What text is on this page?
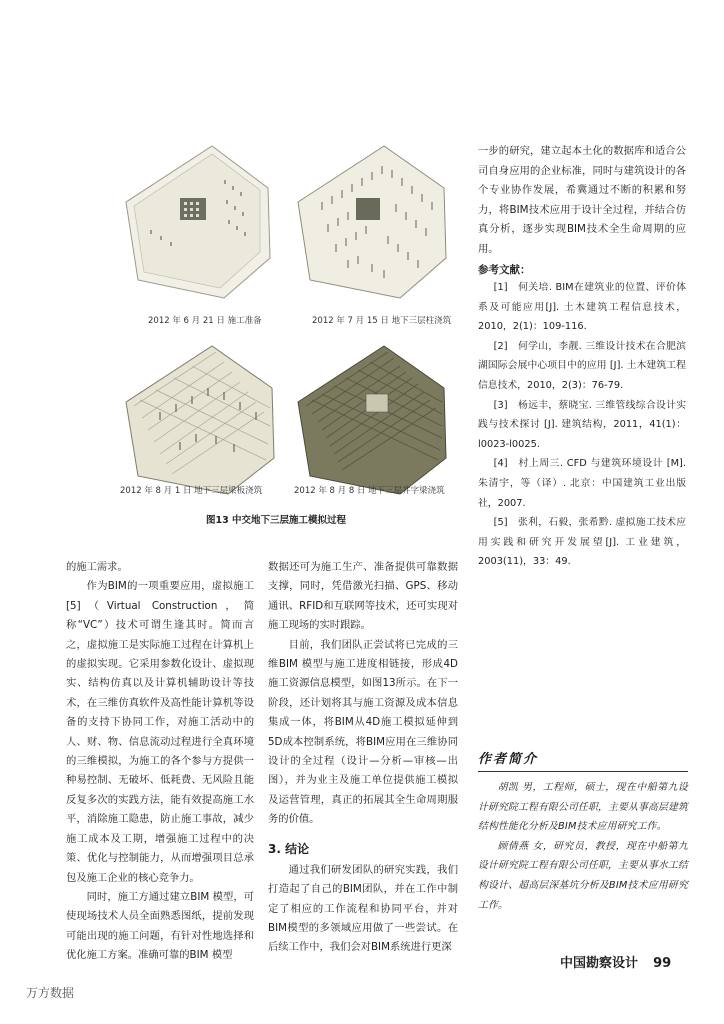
2012 年 6 月 21 日 施工准备	2012 年 7 月 15 日 地下三层柱浇筑
2012 年 8 月 1 日 地下三层梁板浇筑	2012 年 8 月 8 日 地下三层井字梁浇筑
图13 中交地下三层施工模拟过程

一步的研究，建立起本土化的数据库和适合公司自身应用的企业标准，同时与建筑设计的各个专业协作发展，希冀通过不断的积累和努力，将BIM技术应用于设计全过程，并结合仿真分析，逐步实现BIM技术全生命周期的应用。

参考文献：

[1]　何关培. BIM在建筑业的位置、评价体系及可能应用[J]. 土木建筑工程信息技术，2010，2(1)：109-116.

[2]　何学山，李靓. 三维设计技术在合肥滨湖国际会展中心项目中的应用 [J]. 土木建筑工程信息技术，2010，2(3)：76-79.

[3]　杨远丰，蔡晓宝. 三维管线综合设计实践与技术探讨 [J]. 建筑结构，2011，41(1)：l0023-l0025.

[4]　村上周三. CFD 与建筑环境设计 [M]. 朱清宇，等（译）. 北京：中国建筑工业出版社，2007.

[5]　张利，石毅，张希黔. 虚拟施工技术应用实践和研究开发展望[J]. 工业建筑，2003(11)，33：49.

的施工需求。

作为BIM的一项重要应用，虚拟施工[5]（Virtual Construction，简称“VC”）技术可谓生逢其时。简而言之，虚拟施工是实际施工过程在计算机上的虚拟实现。它采用参数化设计、虚拟现实、结构仿真以及计算机辅助设计等技术，在三维仿真软件及高性能计算机等设备的支持下协同工作，对施工活动中的人、财、物、信息流动过程进行全真环境的三维模拟，为施工的各个参与方提供一种易控制、无破坏、低耗费、无风险且能反复多次的实践方法，能有效提高施工水平，消除施工隐患，防止施工事故，减少施工成本及工期，增强施工过程中的决策、优化与控制能力，从而增强项目总承包及施工企业的核心竞争力。

同时，施工方通过建立BIM 模型，可使现场技术人员全面熟悉图纸，提前发现可能出现的施工问题，有针对性地选择和优化施工方案。准确可靠的BIM 模型

数据还可为施工生产、准备提供可靠数据支撑，同时，凭借激光扫描、GPS、移动通讯、RFID和互联网等技术，还可实现对施工现场的实时跟踪。

目前，我们团队正尝试将已完成的三维BIM 模型与施工进度相链接，形成4D施工资源信息模型，如图13所示。在下一阶段，还计划将其与施工资源及成本信息集成一体，将BIM从4D施工模拟延伸到5D成本控制系统，将BIM应用在三维协同设计的全过程（设计—分析—审核—出图），并为业主及施工单位提供施工模拟及运营管理，真正的拓展其全生命周期服务的价值。

3. 结论

通过我们研发团队的研究实践，我们打造起了自己的BIM团队，并在工作中制定了相应的工作流程和协同平台，并对BIM模型的多领域应用做了一些尝试。在后续工作中，我们会对BIM系统进行更深

作者简介

胡凯 男，工程师，硕士，现在中船第九设计研究院工程有限公司任职，主要从事高层建筑结构性能化分析及BIM技术应用研究工作。

顾倩燕 女，研究员，教授，现在中船第九设计研究院工程有限公司任职，主要从事水工结构设计、超高层深基坑分析及BIM技术应用研究工作。

中国勘察设计 99
万方数据
